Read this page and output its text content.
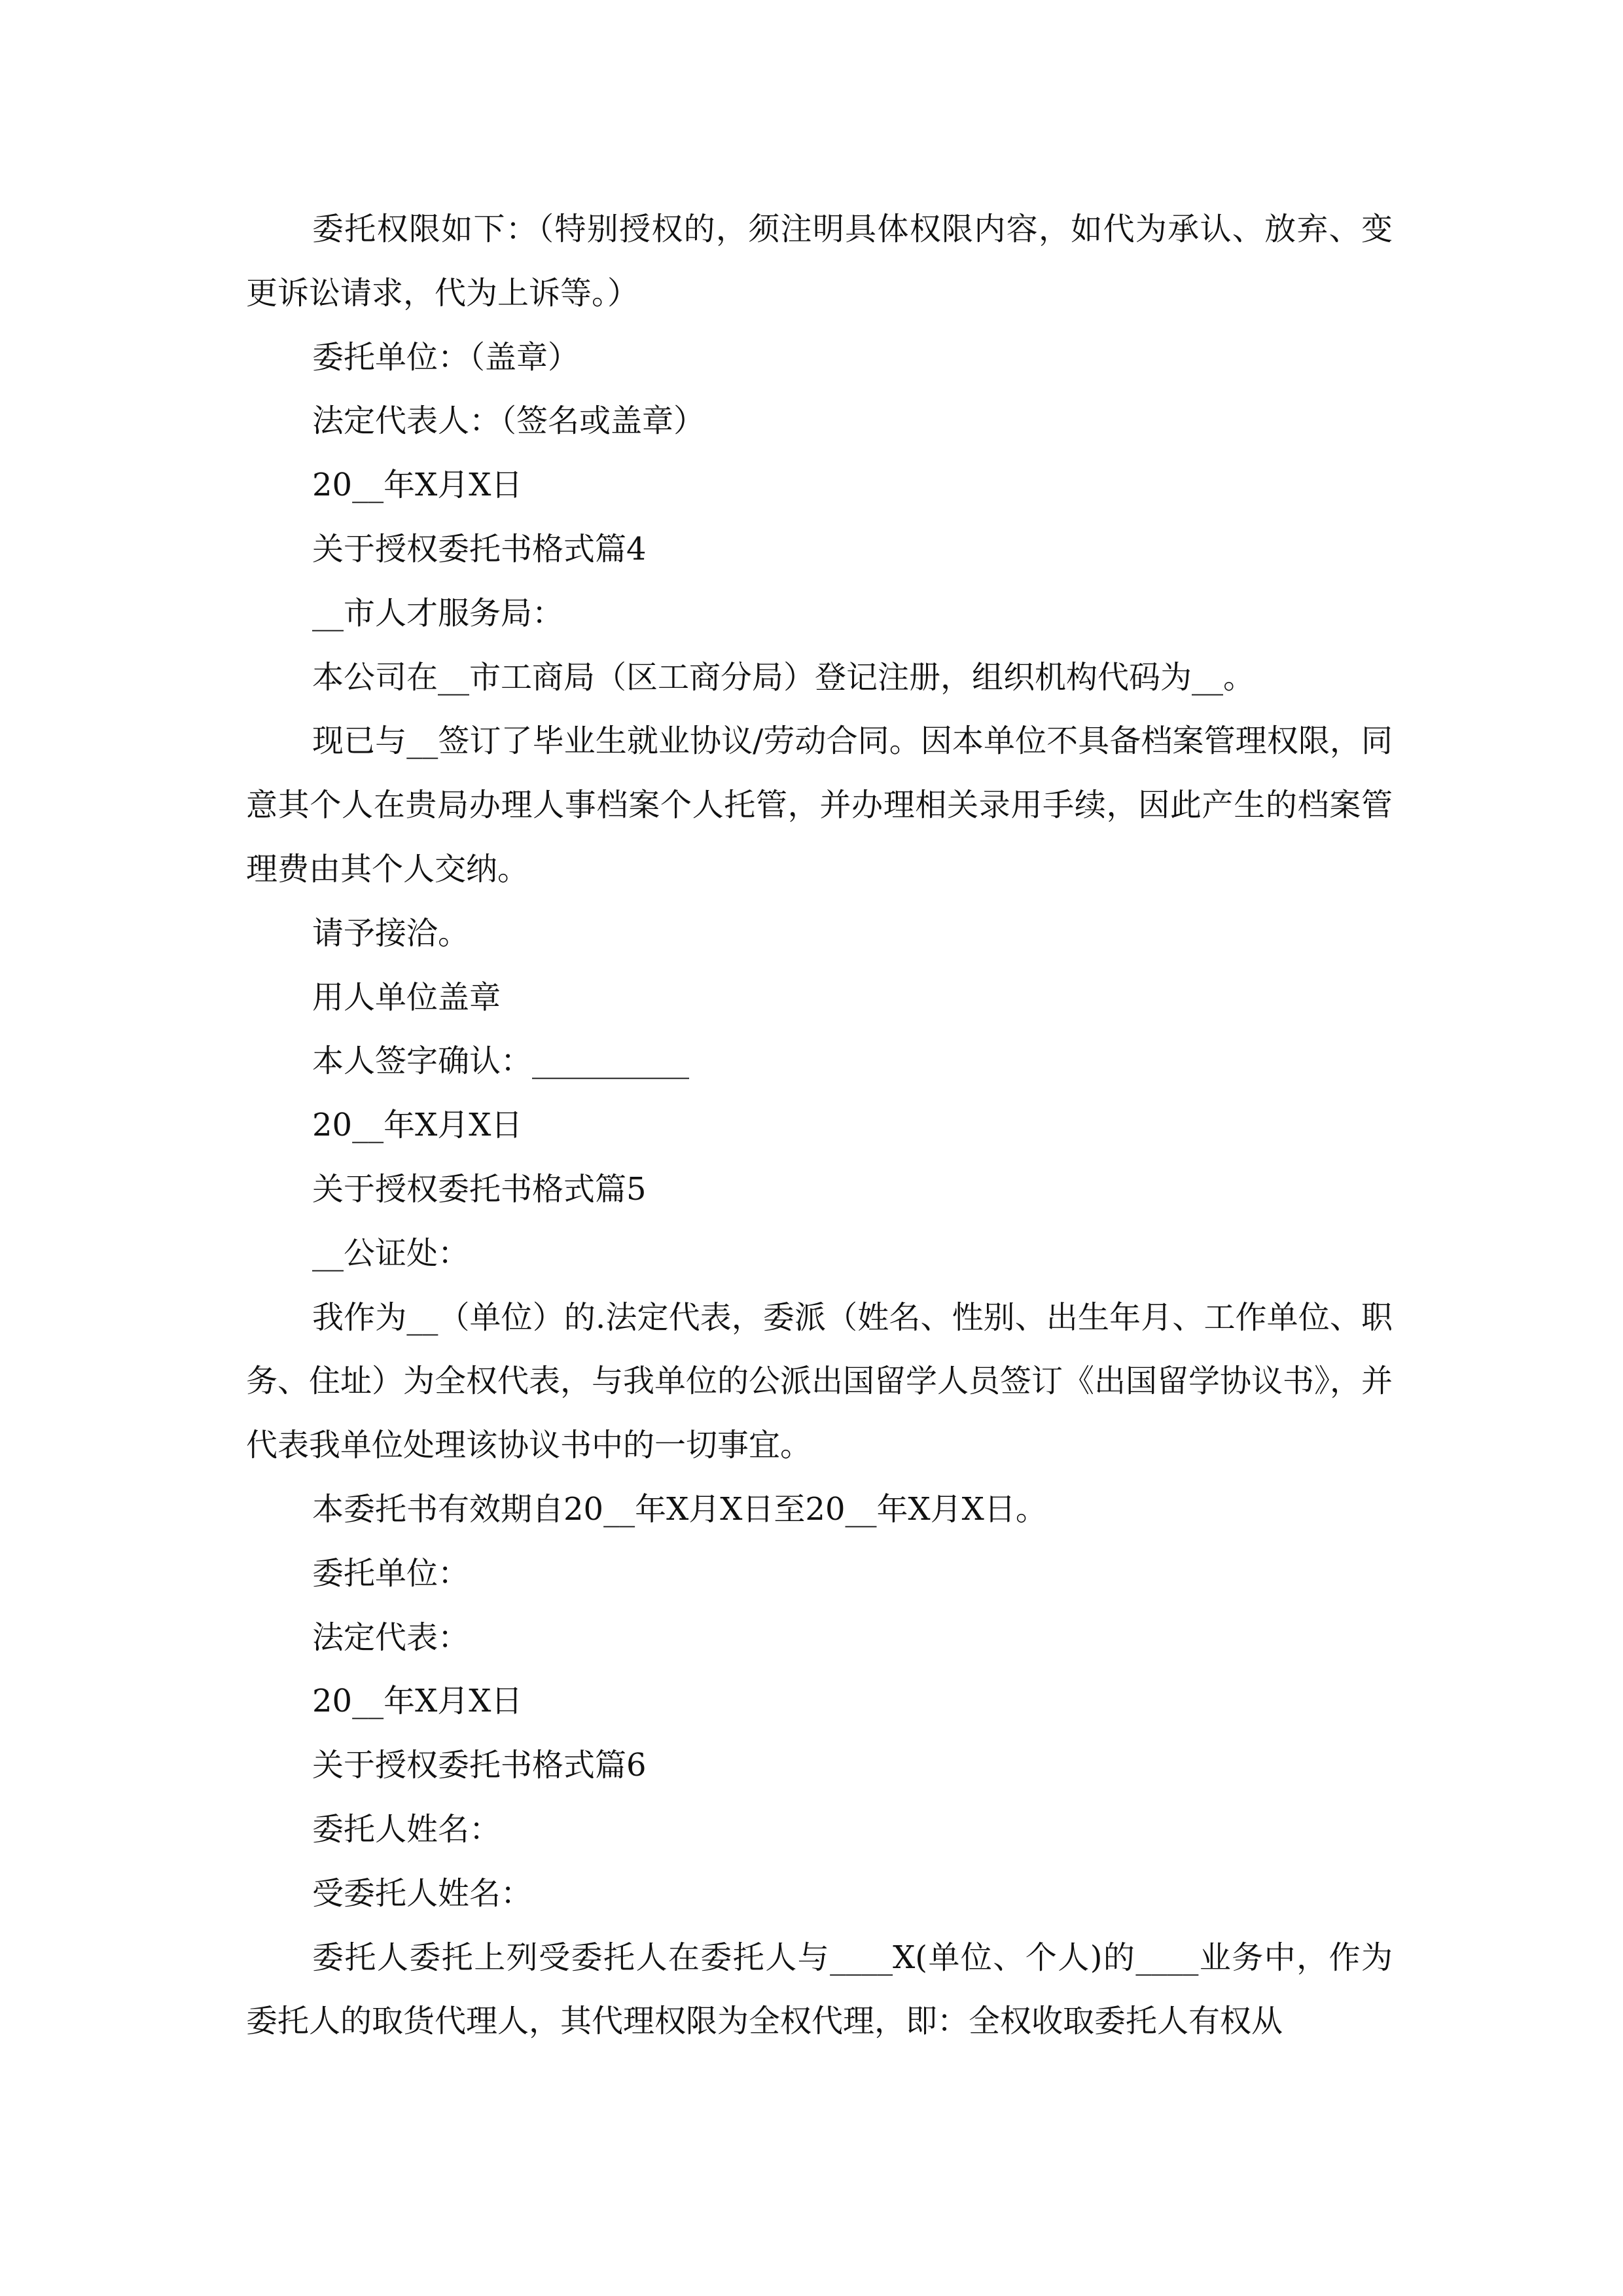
委托权限如下：（特别授权的，须注明具体权限内容，如代为承认、放弃、变更诉讼请求，代为上诉等。）

委托单位：（盖章）

法定代表人：（签名或盖章）

20__年X月X日

关于授权委托书格式篇4

__市人才服务局：

本公司在__市工商局（区工商分局）登记注册，组织机构代码为__。

现已与__签订了毕业生就业协议/劳动合同。因本单位不具备档案管理权限，同意其个人在贵局办理人事档案个人托管，并办理相关录用手续，因此产生的档案管理费由其个人交纳。

请予接洽。

用人单位盖章

本人签字确认：__________

20__年X月X日

关于授权委托书格式篇5

__公证处：

我作为__（单位）的.法定代表，委派（姓名、性别、出生年月、工作单位、职务、住址）为全权代表，与我单位的公派出国留学人员签订《出国留学协议书》，并代表我单位处理该协议书中的一切事宜。

本委托书有效期自20__年X月X日至20__年X月X日。

委托单位：

法定代表：

20__年X月X日

关于授权委托书格式篇6

委托人姓名：

受委托人姓名：

委托人委托上列受委托人在委托人与____X(单位、个人)的____业务中，作为委托人的取货代理人，其代理权限为全权代理，即：全权收取委托人有权从
